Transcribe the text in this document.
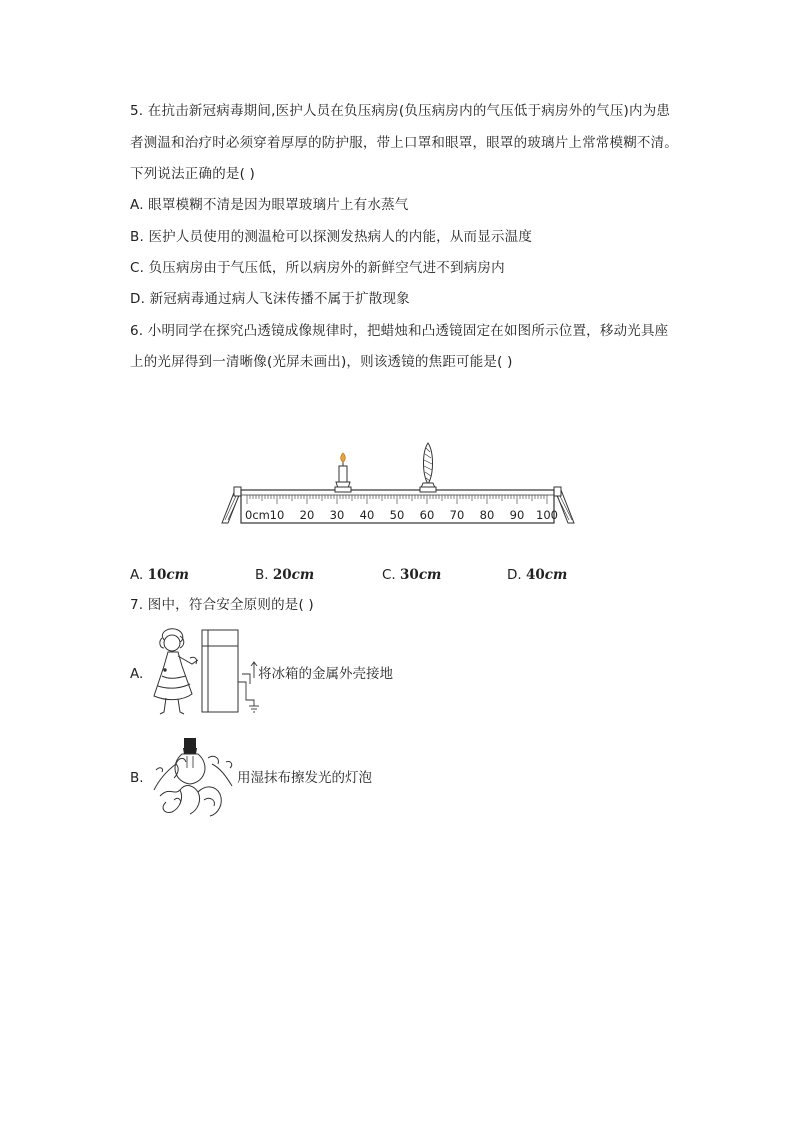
5. 在抗击新冠病毒期间,医护人员在负压病房(负压病房内的气压低于病房外的气压)内为患
者测温和治疗时必须穿着厚厚的防护服，带上口罩和眼罩，眼罩的玻璃片上常常模糊不清。
下列说法正确的是( )
A. 眼罩模糊不清是因为眼罩玻璃片上有水蒸气
B. 医护人员使用的测温枪可以探测发热病人的内能，从而显示温度
C. 负压病房由于气压低，所以病房外的新鲜空气进不到病房内
D. 新冠病毒通过病人飞沫传播不属于扩散现象
6. 小明同学在探究凸透镜成像规律时，把蜡烛和凸透镜固定在如图所示位置，移动光具座
上的光屏得到一清晰像(光屏未画出)，则该透镜的焦距可能是( )
0cm 10 20 30 40 50 60 70 80 90 100
A. 10cm	B. 20cm	C. 30cm	D. 40cm
7. 图中，符合安全原则的是( )
A.	将冰箱的金属外壳接地
B.	用湿抹布擦发光的灯泡
